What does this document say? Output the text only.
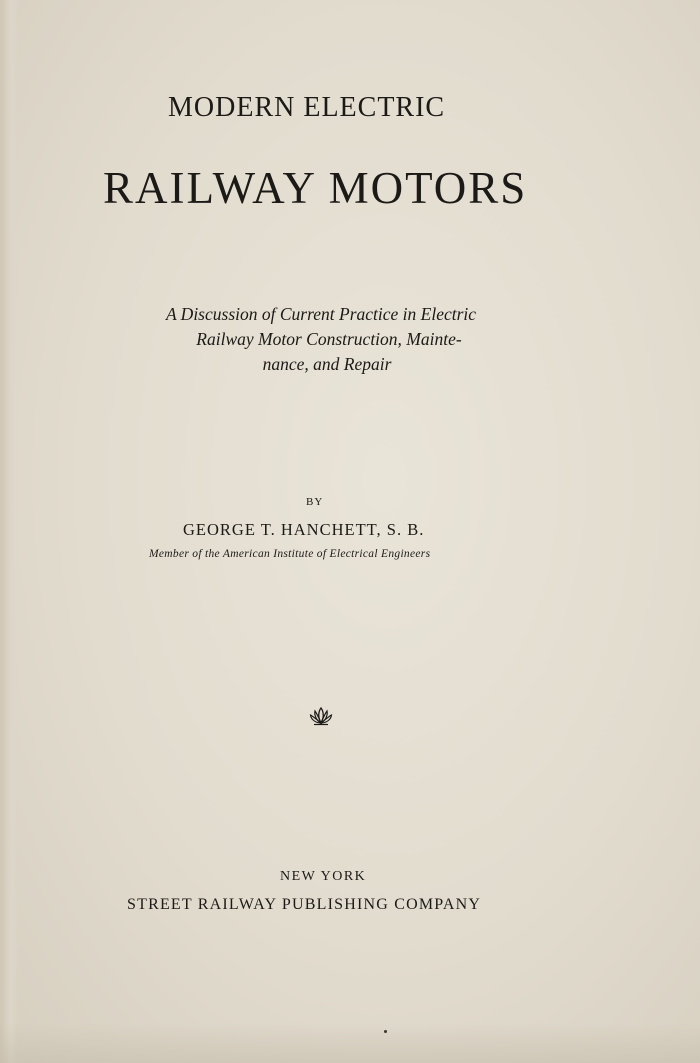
MODERN ELECTRIC
RAILWAY MOTORS
A Discussion of Current Practice in Electric
Railway Motor Construction, Mainte-
nance, and Repair
BY
GEORGE T. HANCHETT, S. B.
Member of the American Institute of Electrical Engineers
NEW YORK
STREET RAILWAY PUBLISHING COMPANY
